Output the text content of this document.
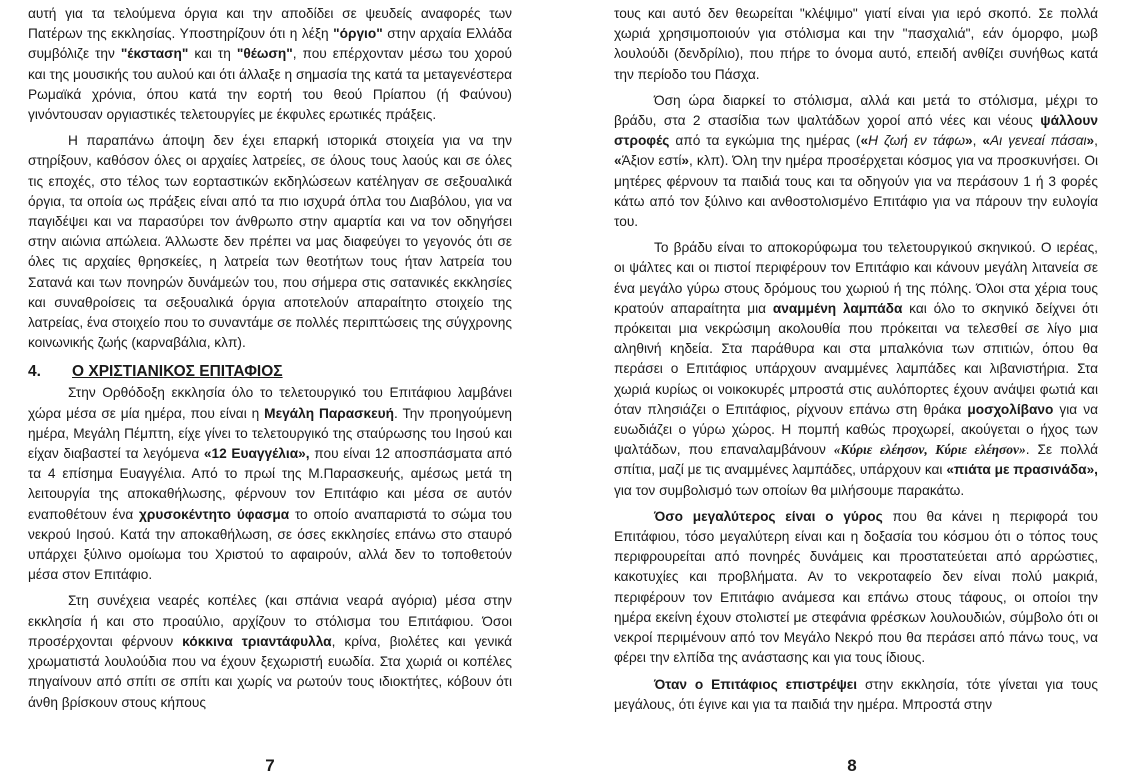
αυτή για τα τελούμενα όργια και την αποδίδει σε ψευδείς αναφορές των Πατέρων της εκκλησίας. Υποστηρίζουν ότι η λέξη "όργιο" στην αρχαία Ελλάδα συμβόλιζε την "έκσταση" και τη "θέωση", που επέρχονταν μέσω του χορού και της μουσικής του αυλού και ότι άλλαξε η σημασία της κατά τα μεταγενέστερα Ρωμαϊκά χρόνια, όπου κατά την εορτή του θεού Πρίαπου (ή Φαύνου) γινόντουσαν οργιαστικές τελετουργίες με έκφυλες ερωτικές πράξεις.

Η παραπάνω άποψη δεν έχει επαρκή ιστορικά στοιχεία για να την στηρίξουν, καθόσον όλες οι αρχαίες λατρείες, σε όλους τους λαούς και σε όλες τις εποχές, στο τέλος των εορταστικών εκδηλώσεων κατέληγαν σε σεξουαλικά όργια, τα οποία ως πράξεις είναι από τα πιο ισχυρά όπλα του Διαβόλου, για να παγιδέψει και να παρασύρει τον άνθρωπο στην αμαρτία και να τον οδηγήσει στην αιώνια απώλεια. Άλλωστε δεν πρέπει να μας διαφεύγει το γεγονός ότι σε όλες τις αρχαίες θρησκείες, η λατρεία των θεοτήτων τους ήταν λατρεία του Σατανά και των πονηρών δυνάμεών του, που σήμερα στις σατανικές εκκλησίες και συναθροίσεις τα σεξουαλικά όργια αποτελούν απαραίτητο στοιχείο της λατρείας, ένα στοιχείο που το συναντάμε σε πολλές περιπτώσεις της σύγχρονης κοινωνικής ζωής (καρναβάλια, κλπ).

4. Ο ΧΡΙΣΤΙΑΝΙΚΟΣ ΕΠΙΤΑΦΙΟΣ

Στην Ορθόδοξη εκκλησία όλο το τελετουργικό του Επιτάφιου λαμβάνει χώρα μέσα σε μία ημέρα, που είναι η Μεγάλη Παρασκευή. Την προηγούμενη ημέρα, Μεγάλη Πέμπτη, είχε γίνει το τελετουργικό της σταύρωσης του Ιησού και είχαν διαβαστεί τα λεγόμενα «12 Ευαγγέλια», που είναι 12 αποσπάσματα από τα 4 επίσημα Ευαγγέλια. Από το πρωί της Μ.Παρασκευής, αμέσως μετά τη λειτουργία της αποκαθήλωσης, φέρνουν τον Επιτάφιο και μέσα σε αυτόν εναποθέτουν ένα χρυσοκέντητο ύφασμα το οποίο αναπαριστά το σώμα του νεκρού Ιησού. Κατά την αποκαθήλωση, σε όσες εκκλησίες επάνω στο σταυρό υπάρχει ξύλινο ομοίωμα του Χριστού το αφαιρούν, αλλά δεν το τοποθετούν μέσα στον Επιτάφιο.

Στη συνέχεια νεαρές κοπέλες (και σπάνια νεαρά αγόρια) μέσα στην εκκλησία ή και στο προαύλιο, αρχίζουν το στόλισμα του Επιτάφιου. Όσοι προσέρχονται φέρνουν κόκκινα τριαντάφυλλα, κρίνα, βιολέτες και γενικά χρωματιστά λουλούδια που να έχουν ξεχωριστή ευωδία. Στα χωριά οι κοπέλες πηγαίνουν από σπίτι σε σπίτι και χωρίς να ρωτούν τους ιδιοκτήτες, κόβουν ότι άνθη βρίσκουν στους κήπους

7

τους και αυτό δεν θεωρείται "κλέψιμο" γιατί είναι για ιερό σκοπό. Σε πολλά χωριά χρησιμοποιούν για στόλισμα και την "πασχαλιά", εάν όμορφο, μωβ λουλούδι (δενδρίλιο), που πήρε το όνομα αυτό, επειδή ανθίζει συνήθως κατά την περίοδο του Πάσχα.

Όση ώρα διαρκεί το στόλισμα, αλλά και μετά το στόλισμα, μέχρι το βράδυ, στα 2 στασίδια των ψαλτάδων χοροί από νέες και νέους ψάλλουν στροφές από τα εγκώμια της ημέρας («Η ζωή εν τάφω», «Αι γενεαί πάσαι», «Άξιον εστί», κλπ). Όλη την ημέρα προσέρχεται κόσμος για να προσκυνήσει. Οι μητέρες φέρνουν τα παιδιά τους και τα οδηγούν για να περάσουν 1 ή 3 φορές κάτω από τον ξύλινο και ανθοστολισμένο Επιτάφιο για να πάρουν την ευλογία του.

Το βράδυ είναι το αποκορύφωμα του τελετουργικού σκηνικού. Ο ιερέας, οι ψάλτες και οι πιστοί περιφέρουν τον Επιτάφιο και κάνουν μεγάλη λιτανεία σε ένα μεγάλο γύρω στους δρόμους του χωριού ή της πόλης. Όλοι στα χέρια τους κρατούν απαραίτητα μια αναμμένη λαμπάδα και όλο το σκηνικό δείχνει ότι πρόκειται μια νεκρώσιμη ακολουθία που πρόκειται να τελεσθεί σε λίγο μια αληθινή κηδεία. Στα παράθυρα και στα μπαλκόνια των σπιτιών, όπου θα περάσει ο Επιτάφιος υπάρχουν αναμμένες λαμπάδες και λιβανιστήρια. Στα χωριά κυρίως οι νοικοκυρές μπροστά στις αυλόπορτες έχουν ανάψει φωτιά και όταν πλησιάζει ο Επιτάφιος, ρίχνουν επάνω στη θράκα μοσχολίβανο για να ευωδιάζει ο γύρω χώρος. Η πομπή καθώς προχωρεί, ακούγεται ο ήχος των ψαλτάδων, που επαναλαμβάνουν «Κύριε ελέησον, Κύριε ελέησον». Σε πολλά σπίτια, μαζί με τις αναμμένες λαμπάδες, υπάρχουν και «πιάτα με πρασινάδα», για τον συμβολισμό των οποίων θα μιλήσουμε παρακάτω.

Όσο μεγαλύτερος είναι ο γύρος που θα κάνει η περιφορά του Επιτάφιου, τόσο μεγαλύτερη είναι και η δοξασία του κόσμου ότι ο τόπος τους περιφρουρείται από πονηρές δυνάμεις και προστατεύεται από αρρώστιες, κακοτυχίες και προβλήματα. Αν το νεκροταφείο δεν είναι πολύ μακριά, περιφέρουν τον Επιτάφιο ανάμεσα και επάνω στους τάφους, οι οποίοι την ημέρα εκείνη έχουν στολιστεί με στεφάνια φρέσκων λουλουδιών, σύμβολο ότι οι νεκροί περιμένουν από τον Μεγάλο Νεκρό που θα περάσει από πάνω τους, να φέρει την ελπίδα της ανάστασης και για τους ίδιους.

Όταν ο Επιτάφιος επιστρέψει στην εκκλησία, τότε γίνεται για τους μεγάλους, ότι έγινε και για τα παιδιά την ημέρα. Μπροστά στην

8
